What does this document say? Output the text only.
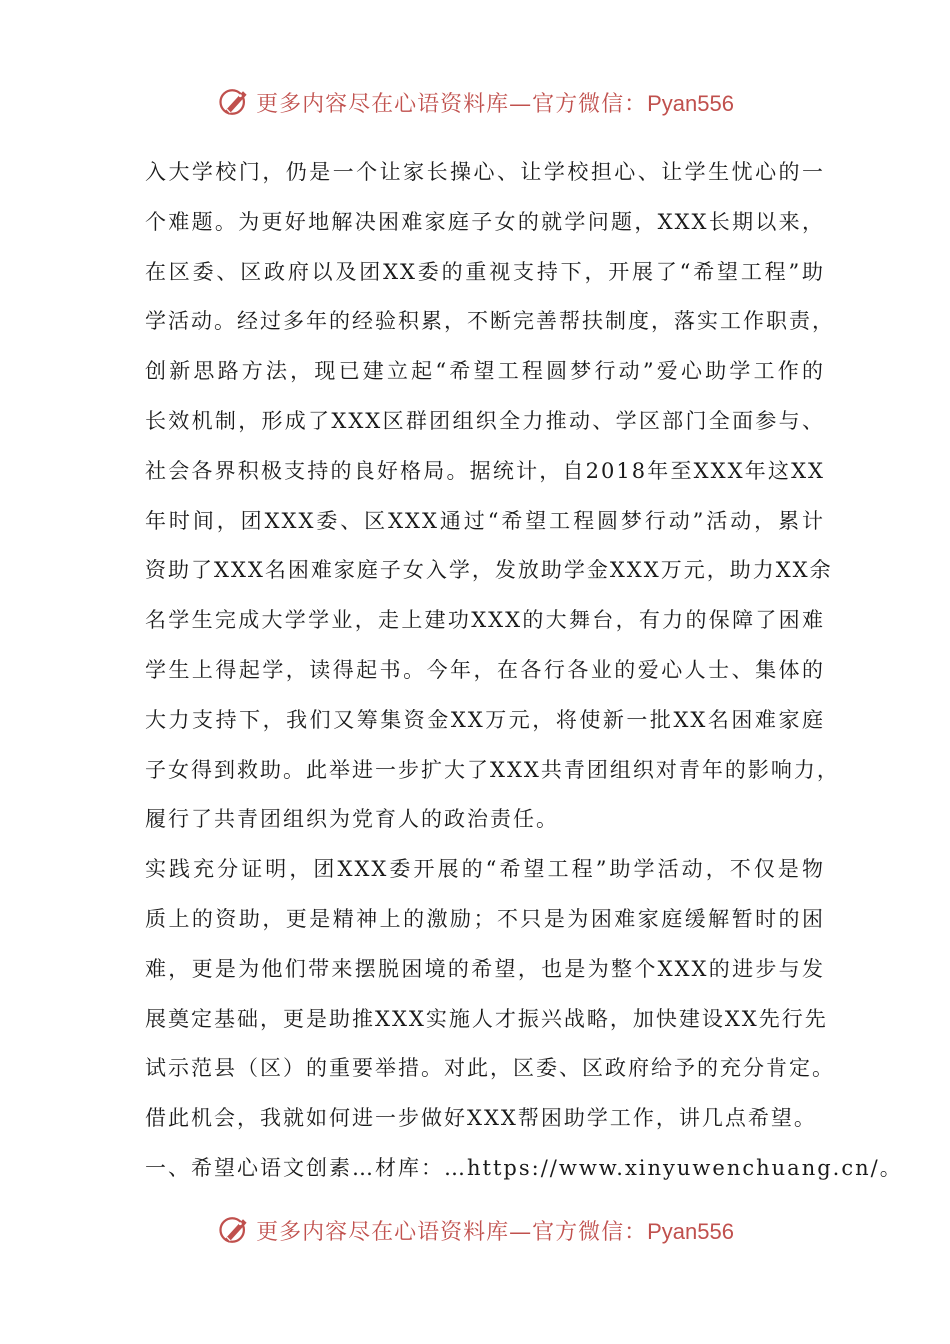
更多内容尽在心语资料库—官方微信：Pyan556
入大学校门，仍是一个让家长操心、让学校担心、让学生忧心的一
个难题。为更好地解决困难家庭子女的就学问题，XXX长期以来，
在区委、区政府以及团XX委的重视支持下，开展了“希望工程”助
学活动。经过多年的经验积累，不断完善帮扶制度，落实工作职责，
创新思路方法，现已建立起“希望工程圆梦行动”爱心助学工作的
长效机制，形成了XXX区群团组织全力推动、学区部门全面参与、
社会各界积极支持的良好格局。据统计，自2018年至XXX年这XX
年时间，团XXX委、区XXX通过“希望工程圆梦行动”活动，累计
资助了XXX名困难家庭子女入学，发放助学金XXX万元，助力XX余
名学生完成大学学业，走上建功XXX的大舞台，有力的保障了困难
学生上得起学，读得起书。今年，在各行各业的爱心人士、集体的
大力支持下，我们又筹集资金XX万元，将使新一批XX名困难家庭
子女得到救助。此举进一步扩大了XXX共青团组织对青年的影响力，
履行了共青团组织为党育人的政治责任。
实践充分证明，团XXX委开展的“希望工程”助学活动，不仅是物
质上的资助，更是精神上的激励；不只是为困难家庭缓解暂时的困
难，更是为他们带来摆脱困境的希望，也是为整个XXX的进步与发
展奠定基础，更是助推XXX实施人才振兴战略，加快建设XX先行先
试示范县（区）的重要举措。对此，区委、区政府给予的充分肯定。
借此机会，我就如何进一步做好XXX帮困助学工作，讲几点希望。
一、希望心语文创素…材库：…https://www.xinyuwenchuang.cn/。
更多内容尽在心语资料库—官方微信：Pyan556
